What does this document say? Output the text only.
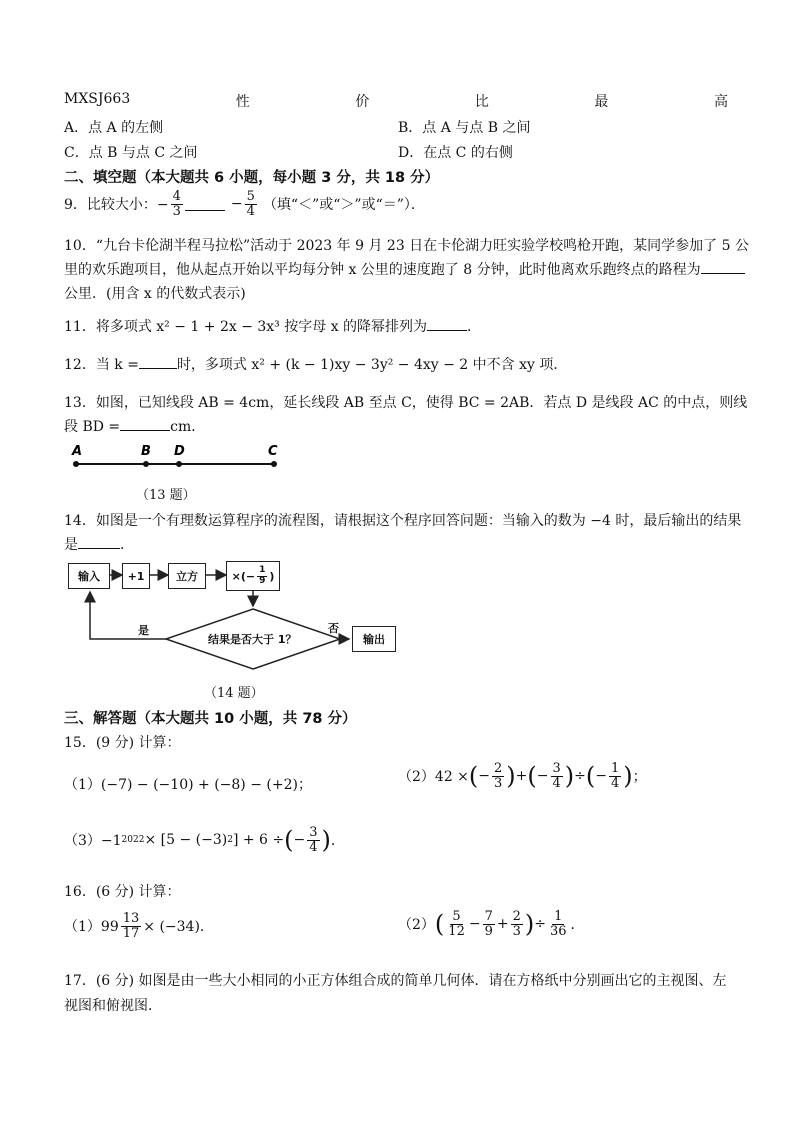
MXSJ663	性	价	比	最	高
A．点 A 的左侧	B．点 A 与点 B 之间
C．点 B 与点 C 之间	D．在点 C 的右侧
二、填空题（本大题共 6 小题，每小题 3 分，共 18 分）
9．比较大小：− $\frac{4}{3}$	− $\frac{5}{4}$ （填“＜”或“＞”或“＝”）．
10．“九台卡伦湖半程马拉松”活动于 2023 年 9 月 23 日在卡伦湖力旺实验学校鸣枪开跑，某同学参加了 5 公
里的欢乐跑项目，他从起点开始以平均每分钟 x 公里的速度跑了 8 分钟，此时他离欢乐跑终点的路程为
公里．(用含 x 的代数式表示)
11．将多项式 x² − 1 + 2x − 3x³ 按字母 x 的降幂排列为	．
12．当 k =	时，多项式 x² + (k − 1)xy − 3y² − 4xy − 2 中不含 xy 项．
13．如图，已知线段 AB = 4cm，延长线段 AB 至点 C，使得 BC = 2AB．若点 D 是线段 AC 的中点，则线
段 BD =	cm．
A	B D	C
（13 题）
14．如图是一个有理数运算程序的流程图，请根据这个程序回答问题：当输入的数为 −4 时，最后输出的结果
是	．
输入	+1	立方	×(− $\frac{1}{9}$ )
结果是否大于 1？
是	否
输出
（14 题）
三、解答题（本大题共 10 小题，共 78 分）
15．(9 分) 计算：
（1）(−7) − (−10) + (−8) − (+2)；	（2）42 × ( − $\frac{2}{3}$ ) + ( − $\frac{3}{4}$ ) ÷ ( − $\frac{1}{4}$ ) ；
（3）−1 2022 × [5 − (−3) 2 ] + 6 ÷ ( − $\frac{3}{4}$ ) ．
16．(6 分) 计算：
$(1)99 \frac{13}{17} \times (-34)$．	（2） ( $\frac{5}{12} - \frac{7}{9} + \frac{2}{3}$ ) ÷ $\frac{1}{36}$ ．
17．(6 分) 如图是由一些大小相同的小正方体组合成的简单几何体．请在方格纸中分别画出它的主视图、左
视图和俯视图．
